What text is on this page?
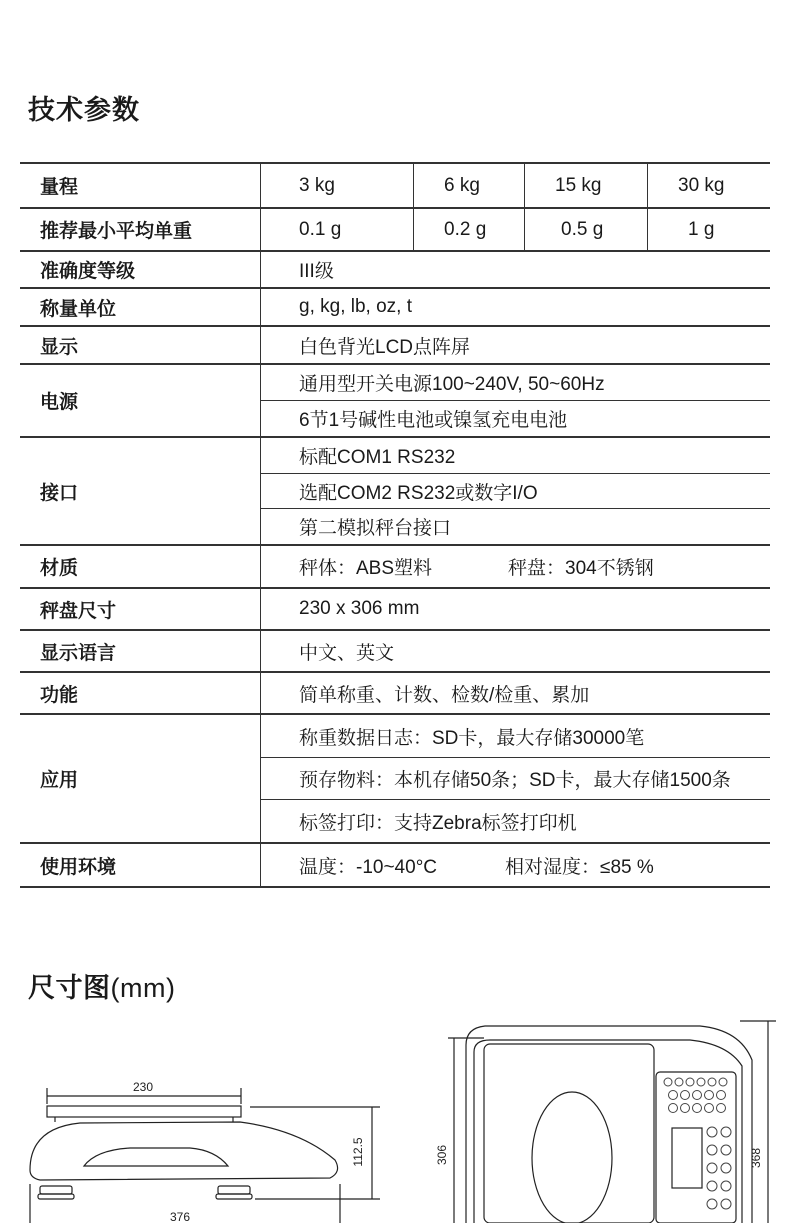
技术参数
量程	3 kg 6 kg 15 kg 30 kg

推荐最小平均单重	0.1 g 0.2 g 0.5 g 1 g

准确度等级	III级
称量单位	g, kg, lb, oz, t
显示	白色背光LCD点阵屏
电源	通用型开关电源100~240V, 50~60Hz
6节1号碱性电池或镍氢充电电池

接口	标配COM1 RS232
选配COM2 RS232或数字I/O
第二模拟秤台接口

材质	秤体：ABS塑料 秤盘：304不锈钢
秤盘尺寸	230 x 306 mm
显示语言	中文、英文
功能	简单称重、计数、检数/检重、累加
应用	称重数据日志：SD卡，最大存储30000笔
预存物料：本机存储50条；SD卡，最大存储1500条
标签打印：支持Zebra标签打印机

使用环境	温度：-10~40°C 相对湿度：≤85 %
尺寸图(mm)
230
112.5
376
306	368
